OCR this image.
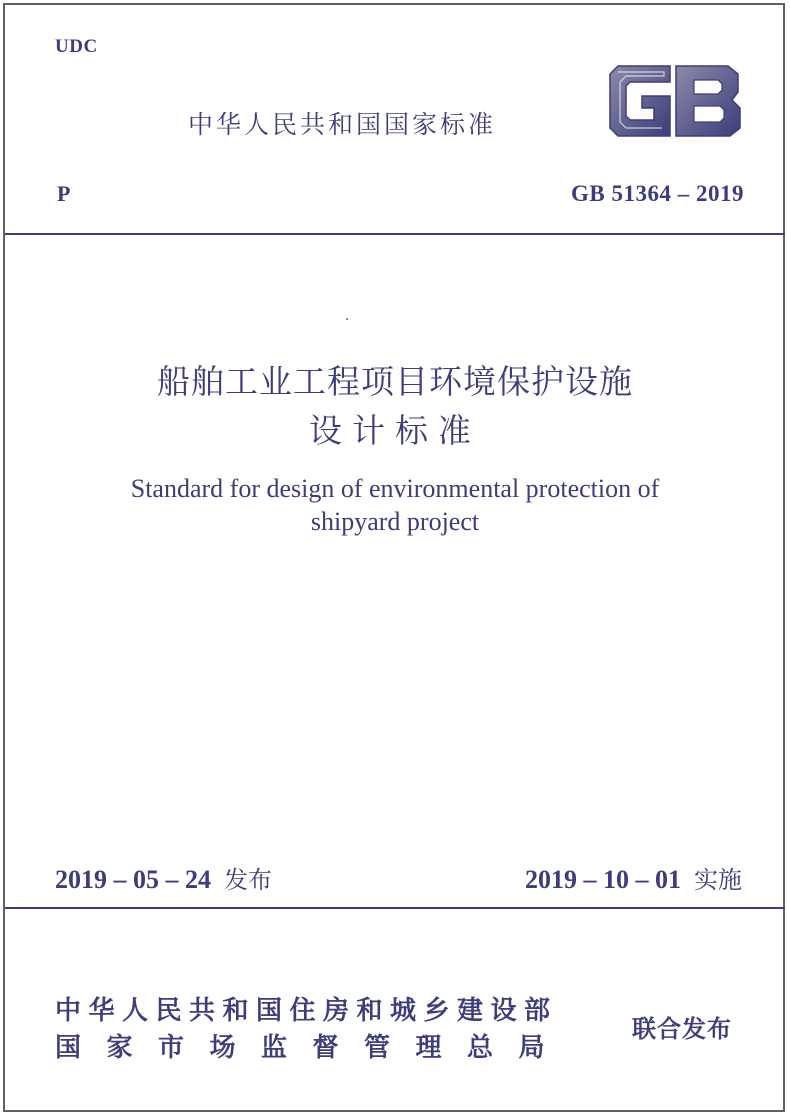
UDC
中华人民共和国国家标准
P	GB 51364 – 2019
船舶工业工程项目环境保护设施
设计标准
Standard for design of environmental protection of
shipyard project
2019 – 05 – 24 发布	2019 – 10 – 01 实施
中华人民共和国住房和城乡建设部
国家市场监督管理总局
联合发布
